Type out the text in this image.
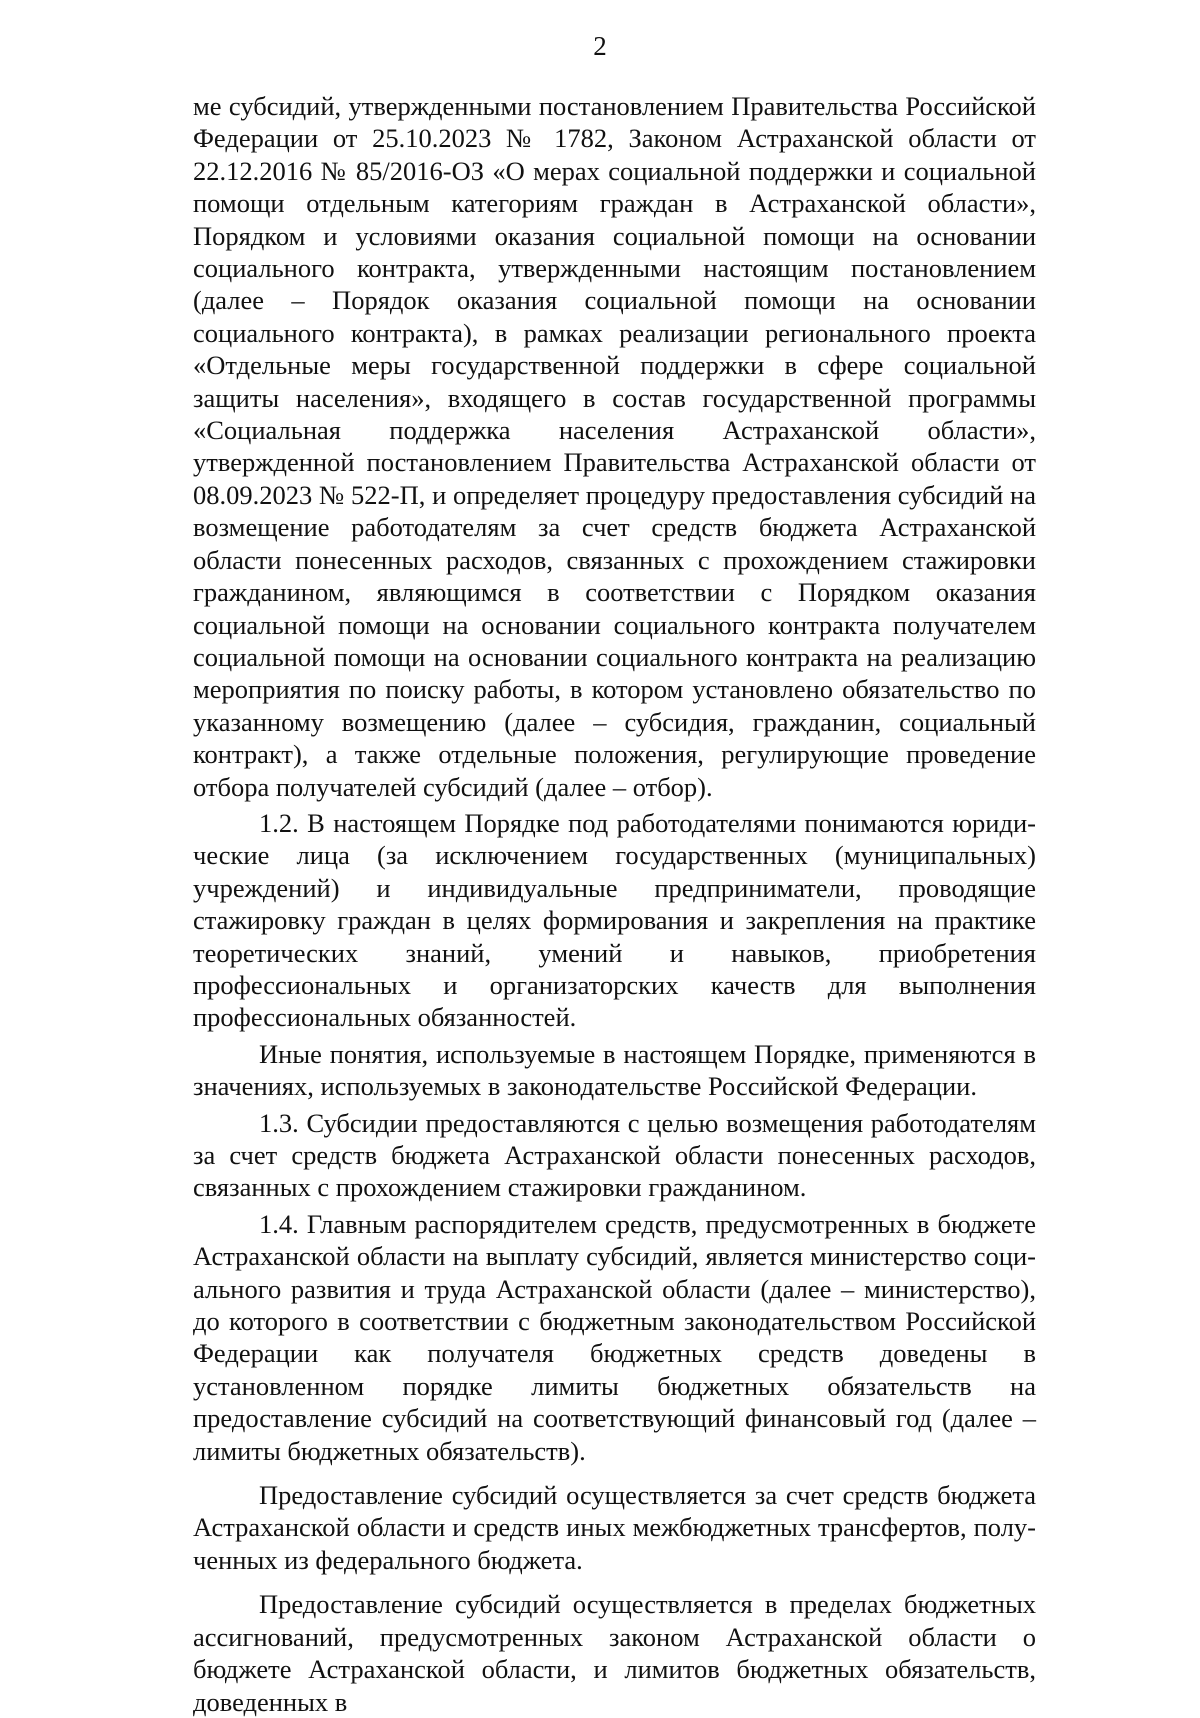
2

ме субсидий, утвержденными постановлением Правительства Российской Федерации от 25.10.2023 № 1782, Законом Астраханской области от 22.12.2016 № 85/2016-ОЗ «О мерах социальной поддержки и социальной помощи отдельным категориям граждан в Астраханской области», Порядком и условиями оказания социальной помощи на основании социального контракта, утвержденными настоящим постановлением (далее – Порядок оказания социальной помощи на основании социального контракта), в рамках реализации регионального проекта «Отдельные меры государственной поддержки в сфере социальной защиты населения», входящего в состав государственной программы «Социальная поддержка населения Астраханской области», утвержденной постановлением Правительства Астраханской области от 08.09.2023 № 522-П, и определяет процедуру предоставления субсидий на возмещение работодателям за счет средств бюджета Астраханской области понесенных расходов, связанных с прохождением стажировки гражданином, являющимся в соответствии с Порядком оказания социальной помощи на основании социального контракта получателем социальной помощи на основании социального контракта на реализацию мероприятия по поиску работы, в котором установлено обязательство по указанному возмещению (далее – субсидия, гражданин, социальный контракт), а также отдельные положения, регулирующие проведение отбора получателей субсидий (далее – отбор).

1.2. В настоящем Порядке под работодателями понимаются юридические лица (за исключением государственных (муниципальных) учреждений) и индивидуальные предприниматели, проводящие стажировку граждан в целях формирования и закрепления на практике теоретических знаний, умений и навыков, приобретения профессиональных и организаторских качеств для выполнения профессиональных обязанностей.

Иные понятия, используемые в настоящем Порядке, применяются в значениях, используемых в законодательстве Российской Федерации.

1.3. Субсидии предоставляются с целью возмещения работодателям за счет средств бюджета Астраханской области понесенных расходов, связанных с прохождением стажировки гражданином.

1.4. Главным распорядителем средств, предусмотренных в бюджете Астраханской области на выплату субсидий, является министерство социального развития и труда Астраханской области (далее – министерство), до которого в соответствии с бюджетным законодательством Российской Федерации как получателя бюджетных средств доведены в установленном порядке лимиты бюджетных обязательств на предоставление субсидий на соответствующий финансовый год (далее – лимиты бюджетных обязательств).

Предоставление субсидий осуществляется за счет средств бюджета Астраханской области и средств иных межбюджетных трансфертов, полученных из федерального бюджета.

Предоставление субсидий осуществляется в пределах бюджетных ассигнований, предусмотренных законом Астраханской области о бюджете Астраханской области, и лимитов бюджетных обязательств, доведенных в
